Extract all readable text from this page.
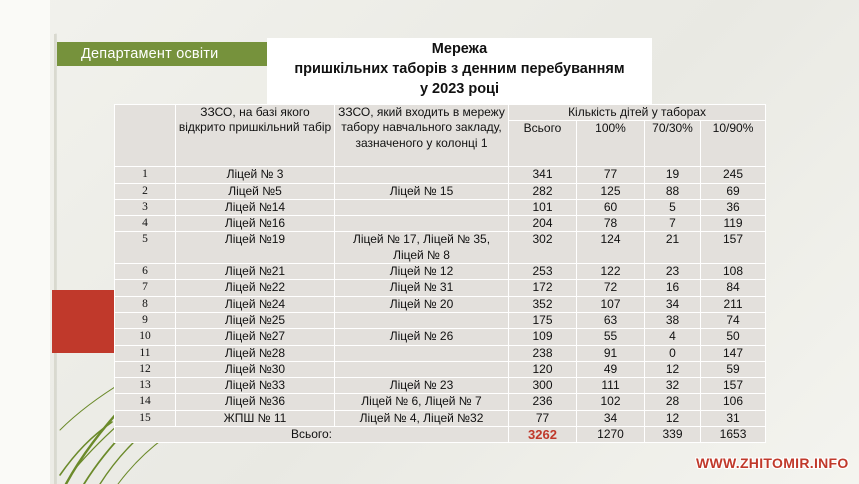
Департамент освіти	Мережа
пришкільних таборів з денним перебуванням
у 2023 році
	ЗЗСО, на базі якого відкрито пришкільний табір	ЗЗСО, який входить в мережу табору навчального закладу, зазначеного у колонці 1	Кількість дітей у таборах			
			Всього	100%	70/30%	10/90%
1	Ліцей № 3		341	77	19	245
2	Ліцей №5	Ліцей № 15	282	125	88	69
3	Ліцей №14		101	60	5	36
4	Ліцей №16		204	78	7	119
5	Ліцей №19	Ліцей № 17, Ліцей № 35, Ліцей № 8	302	124	21	157
6	Ліцей №21	Ліцей № 12	253	122	23	108
7	Ліцей №22	Ліцей № 31	172	72	16	84
8	Ліцей №24	Ліцей № 20	352	107	34	211
9	Ліцей №25		175	63	38	74
10	Ліцей №27	Ліцей № 26	109	55	4	50
11	Ліцей №28		238	91	0	147
12	Ліцей №30		120	49	12	59
13	Ліцей №33	Ліцей № 23	300	111	32	157
14	Ліцей №36	Ліцей № 6, Ліцей № 7	236	102	28	106
15	ЖПШ № 11	Ліцей № 4, Ліцей №32	77	34	12	31
Всього:			3262	1270	339	1653
WWW.ZHITOMIR.INFO
